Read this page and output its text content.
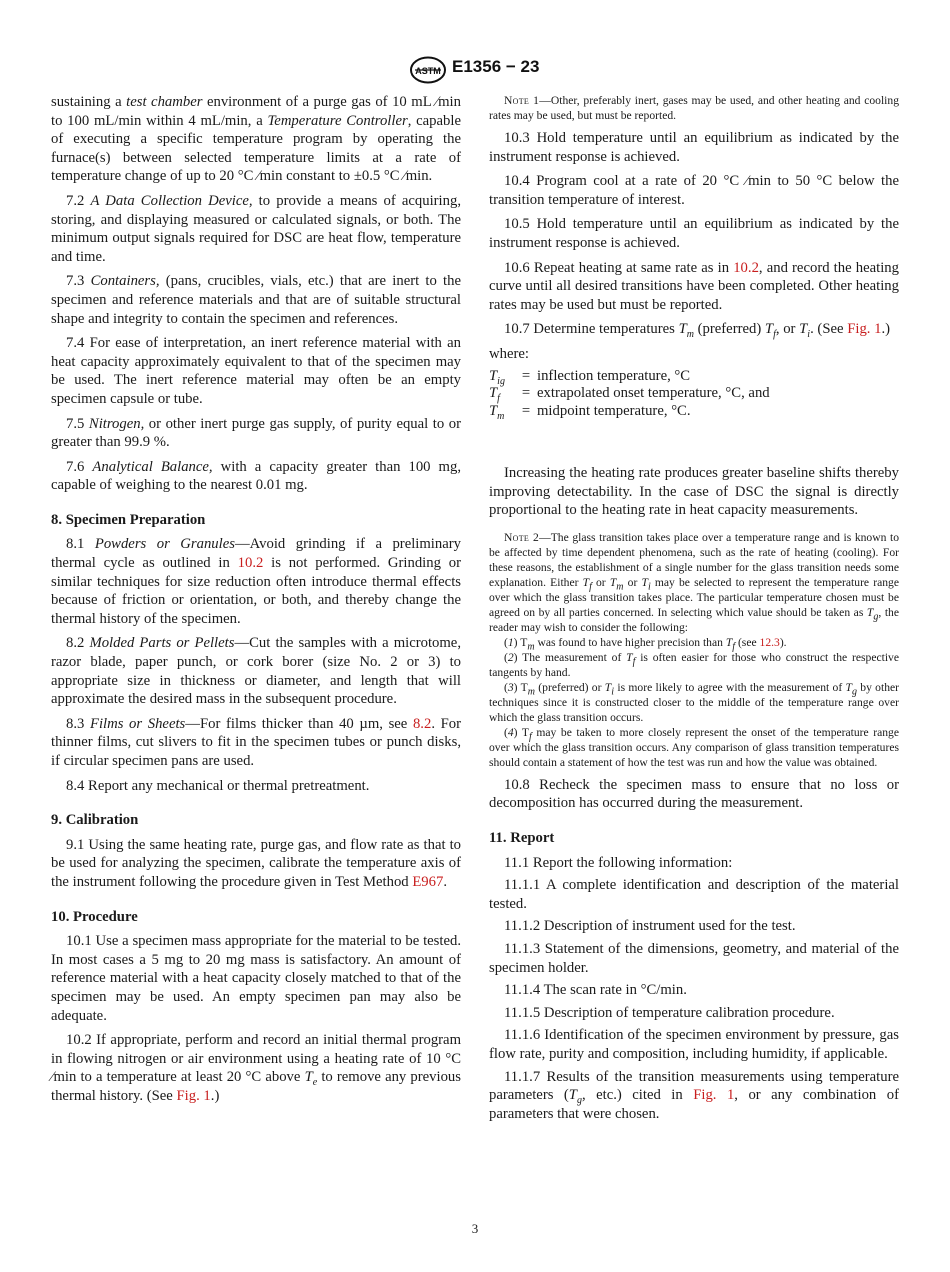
ASTM E1356 − 23

sustaining a test chamber environment of a purge gas of 10 mL ⁄min to 100 mL/min within 4 mL/min, a Temperature Controller, capable of executing a specific temperature program by operating the furnace(s) between selected temperature limits at a rate of temperature change of up to 20 °C ⁄min constant to ±0.5 °C ⁄min.

7.2 A Data Collection Device, to provide a means of acquiring, storing, and displaying measured or calculated signals, or both. The minimum output signals required for DSC are heat flow, temperature and time.

7.3 Containers, (pans, crucibles, vials, etc.) that are inert to the specimen and reference materials and that are of suitable structural shape and integrity to contain the specimen and references.

7.4 For ease of interpretation, an inert reference material with an heat capacity approximately equivalent to that of the specimen may be used. The inert reference material may often be an empty specimen capsule or tube.

7.5 Nitrogen, or other inert purge gas supply, of purity equal to or greater than 99.9 %.

7.6 Analytical Balance, with a capacity greater than 100 mg, capable of weighing to the nearest 0.01 mg.

8. Specimen Preparation

8.1 Powders or Granules—Avoid grinding if a preliminary thermal cycle as outlined in 10.2 is not performed. Grinding or similar techniques for size reduction often introduce thermal effects because of friction or orientation, or both, and thereby change the thermal history of the specimen.

8.2 Molded Parts or Pellets—Cut the samples with a microtome, razor blade, paper punch, or cork borer (size No. 2 or 3) to appropriate size in thickness or diameter, and length that will approximate the desired mass in the subsequent procedure.

8.3 Films or Sheets—For films thicker than 40 µm, see 8.2. For thinner films, cut slivers to fit in the specimen tubes or punch disks, if circular specimen pans are used.

8.4 Report any mechanical or thermal pretreatment.

9. Calibration

9.1 Using the same heating rate, purge gas, and flow rate as that to be used for analyzing the specimen, calibrate the temperature axis of the instrument following the procedure given in Test Method E967.

10. Procedure

10.1 Use a specimen mass appropriate for the material to be tested. In most cases a 5 mg to 20 mg mass is satisfactory. An amount of reference material with a heat capacity closely matched to that of the specimen may be used. An empty specimen pan may also be adequate.

10.2 If appropriate, perform and record an initial thermal program in flowing nitrogen or air environment using a heating rate of 10 °C ⁄min to a temperature at least 20 °C above $T_e$ to remove any previous thermal history. (See Fig. 1.)

Note 1—Other, preferably inert, gases may be used, and other heating and cooling rates may be used, but must be reported.

10.3 Hold temperature until an equilibrium as indicated by the instrument response is achieved.

10.4 Program cool at a rate of 20 °C ⁄min to 50 °C below the transition temperature of interest.

10.5 Hold temperature until an equilibrium as indicated by the instrument response is achieved.

10.6 Repeat heating at same rate as in 10.2, and record the heating curve until all desired transitions have been completed. Other heating rates may be used but must be reported.

10.7 Determine temperatures $T_m$ (preferred) $T_f$, or $T_i$. (See Fig. 1.)

where:

$T_{ig}$	= inflection temperature, °C
$T_f$	= extrapolated onset temperature, °C, and
$T_m$	= midpoint temperature, °C.

Increasing the heating rate produces greater baseline shifts thereby improving detectability. In the case of DSC the signal is directly proportional to the heating rate in heat capacity measurements.

Note 2—The glass transition takes place over a temperature range and is known to be affected by time dependent phenomena, such as the rate of heating (cooling). For these reasons, the establishment of a single number for the glass transition needs some explanation. Either $T_f$ or $T_m$ or $T_i$ may be selected to represent the temperature range over which the glass transition takes place. The particular temperature chosen must be agreed on by all parties concerned. In selecting which value should be taken as $T_g$, the reader may wish to consider the following:

(1) $T_m$ was found to have higher precision than $T_f$ (see 12.3).

(2) The measurement of $T_f$ is often easier for those who construct the respective tangents by hand.

(3) $T_m$ (preferred) or $T_i$ is more likely to agree with the measurement of $T_g$ by other techniques since it is constructed closer to the middle of the temperature range over which the glass transition occurs.

(4) $T_f$ may be taken to more closely represent the onset of the temperature range over which the glass transition occurs. Any comparison of glass transition temperatures should contain a statement of how the test was run and how the value was obtained.

10.8 Recheck the specimen mass to ensure that no loss or decomposition has occurred during the measurement.

11. Report

11.1 Report the following information:

11.1.1 A complete identification and description of the material tested.

11.1.2 Description of instrument used for the test.

11.1.3 Statement of the dimensions, geometry, and material of the specimen holder.

11.1.4 The scan rate in °C/min.

11.1.5 Description of temperature calibration procedure.

11.1.6 Identification of the specimen environment by pressure, gas flow rate, purity and composition, including humidity, if applicable.

11.1.7 Results of the transition measurements using temperature parameters ($T_g$, etc.) cited in Fig. 1, or any combination of parameters that were chosen.

3
